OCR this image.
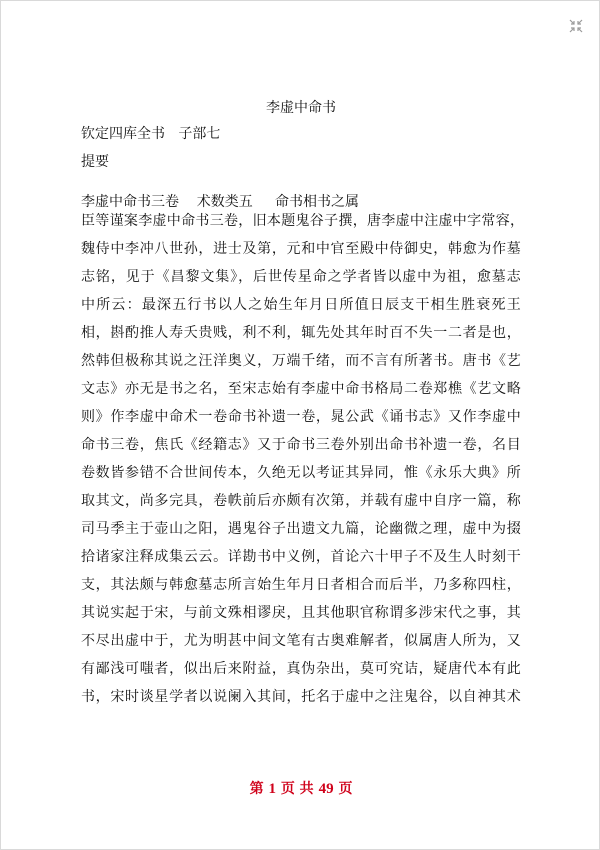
李虚中命书
钦定四库全书   子部七
提要
李虚中命书三卷    术数类五     命书相书之属
臣等谨案李虚中命书三卷，旧本题鬼谷子撰，唐李虚中注虚中字常容，
魏侍中李冲八世孙，进士及第，元和中官至殿中侍御史，韩愈为作墓
志铭，见于《昌黎文集》，后世传星命之学者皆以虚中为祖，愈墓志
中所云：最深五行书以人之始生年月日所值日辰支干相生胜衰死王
相，斟酌推人寿夭贵贱，利不利，辄先处其年时百不失一二者是也，
然韩但极称其说之汪洋奥义，万端千绪，而不言有所著书。唐书《艺
文志》亦无是书之名，至宋志始有李虚中命书格局二卷郑樵《艺文略
则》作李虚中命术一卷命书补遗一卷，晁公武《诵书志》又作李虚中
命书三卷，焦氏《经籍志》又于命书三卷外别出命书补遗一卷，名目
卷数皆参错不合世间传本，久绝无以考证其异同，惟《永乐大典》所
取其文，尚多完具，卷帙前后亦颇有次第，并载有虚中自序一篇，称
司马季主于壶山之阳，遇鬼谷子出遗文九篇，论幽微之理，虚中为掇
拾诸家注释成集云云。详勘书中义例，首论六十甲子不及生人时刻干
支，其法颇与韩愈墓志所言始生年月日者相合而后半，乃多称四柱，
其说实起于宋，与前文殊相谬戾，且其他职官称谓多涉宋代之事，其
不尽出虚中于，尤为明甚中间文笔有古奥难解者，似属唐人所为，又
有鄙浅可嗤者，似出后来附益，真伪杂出，莫可究诘，疑唐代本有此
书，宋时谈星学者以说阑入其间，托名于虚中之注鬼谷，以自神其术
第 1 页 共 49 页
